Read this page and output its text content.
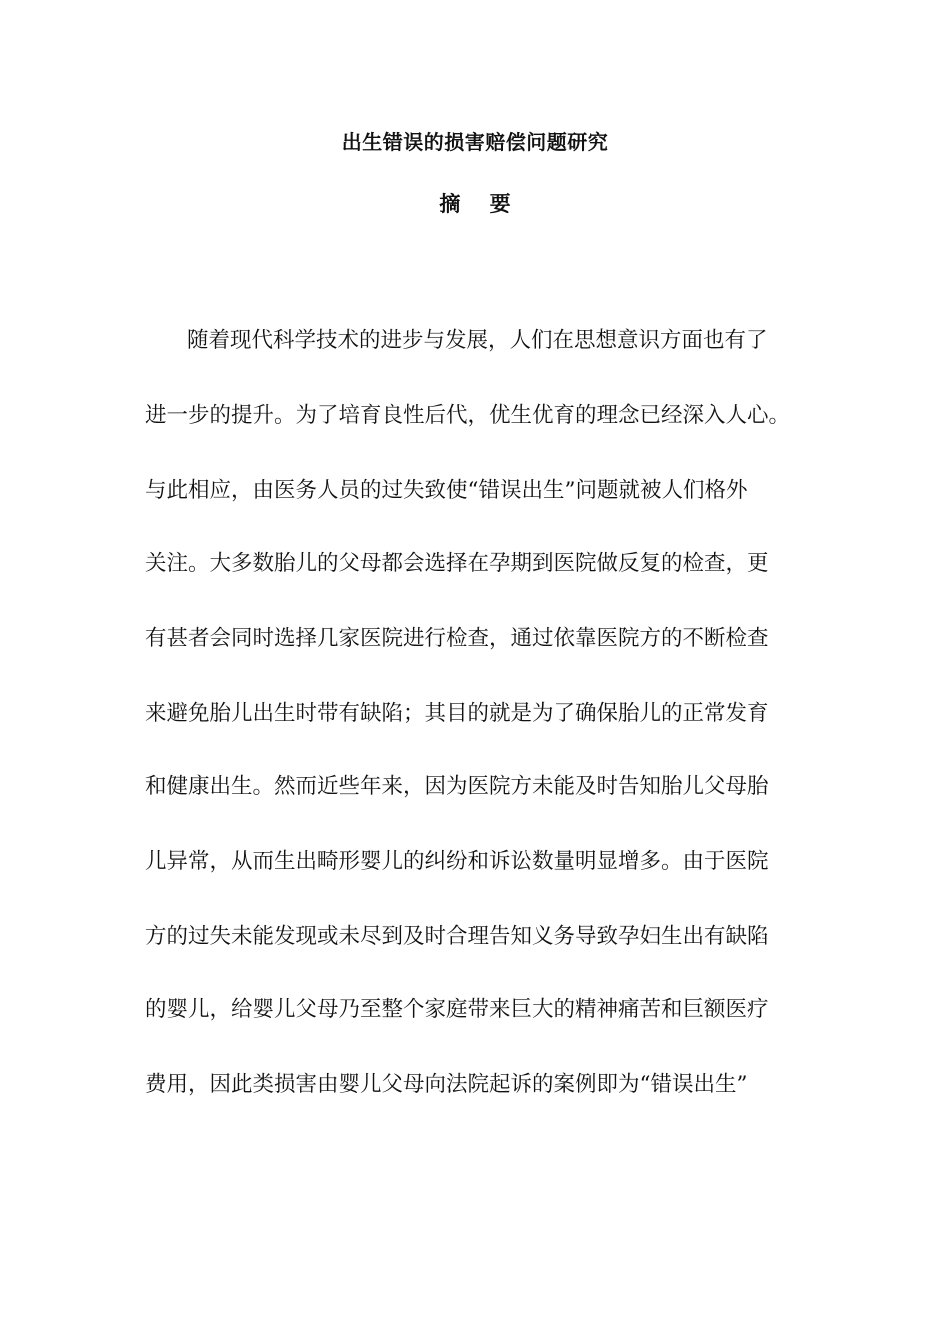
出生错误的损害赔偿问题研究
摘    要
随着现代科学技术的进步与发展，人们在思想意识方面也有了
进一步的提升。为了培育良性后代，优生优育的理念已经深入人心。
与此相应，由医务人员的过失致使“错误出生”问题就被人们格外
关注。大多数胎儿的父母都会选择在孕期到医院做反复的检查，更
有甚者会同时选择几家医院进行检查，通过依靠医院方的不断检查
来避免胎儿出生时带有缺陷；其目的就是为了确保胎儿的正常发育
和健康出生。然而近些年来，因为医院方未能及时告知胎儿父母胎
儿异常，从而生出畸形婴儿的纠纷和诉讼数量明显增多。由于医院
方的过失未能发现或未尽到及时合理告知义务导致孕妇生出有缺陷
的婴儿，给婴儿父母乃至整个家庭带来巨大的精神痛苦和巨额医疗
费用，因此类损害由婴儿父母向法院起诉的案例即为“错误出生”
